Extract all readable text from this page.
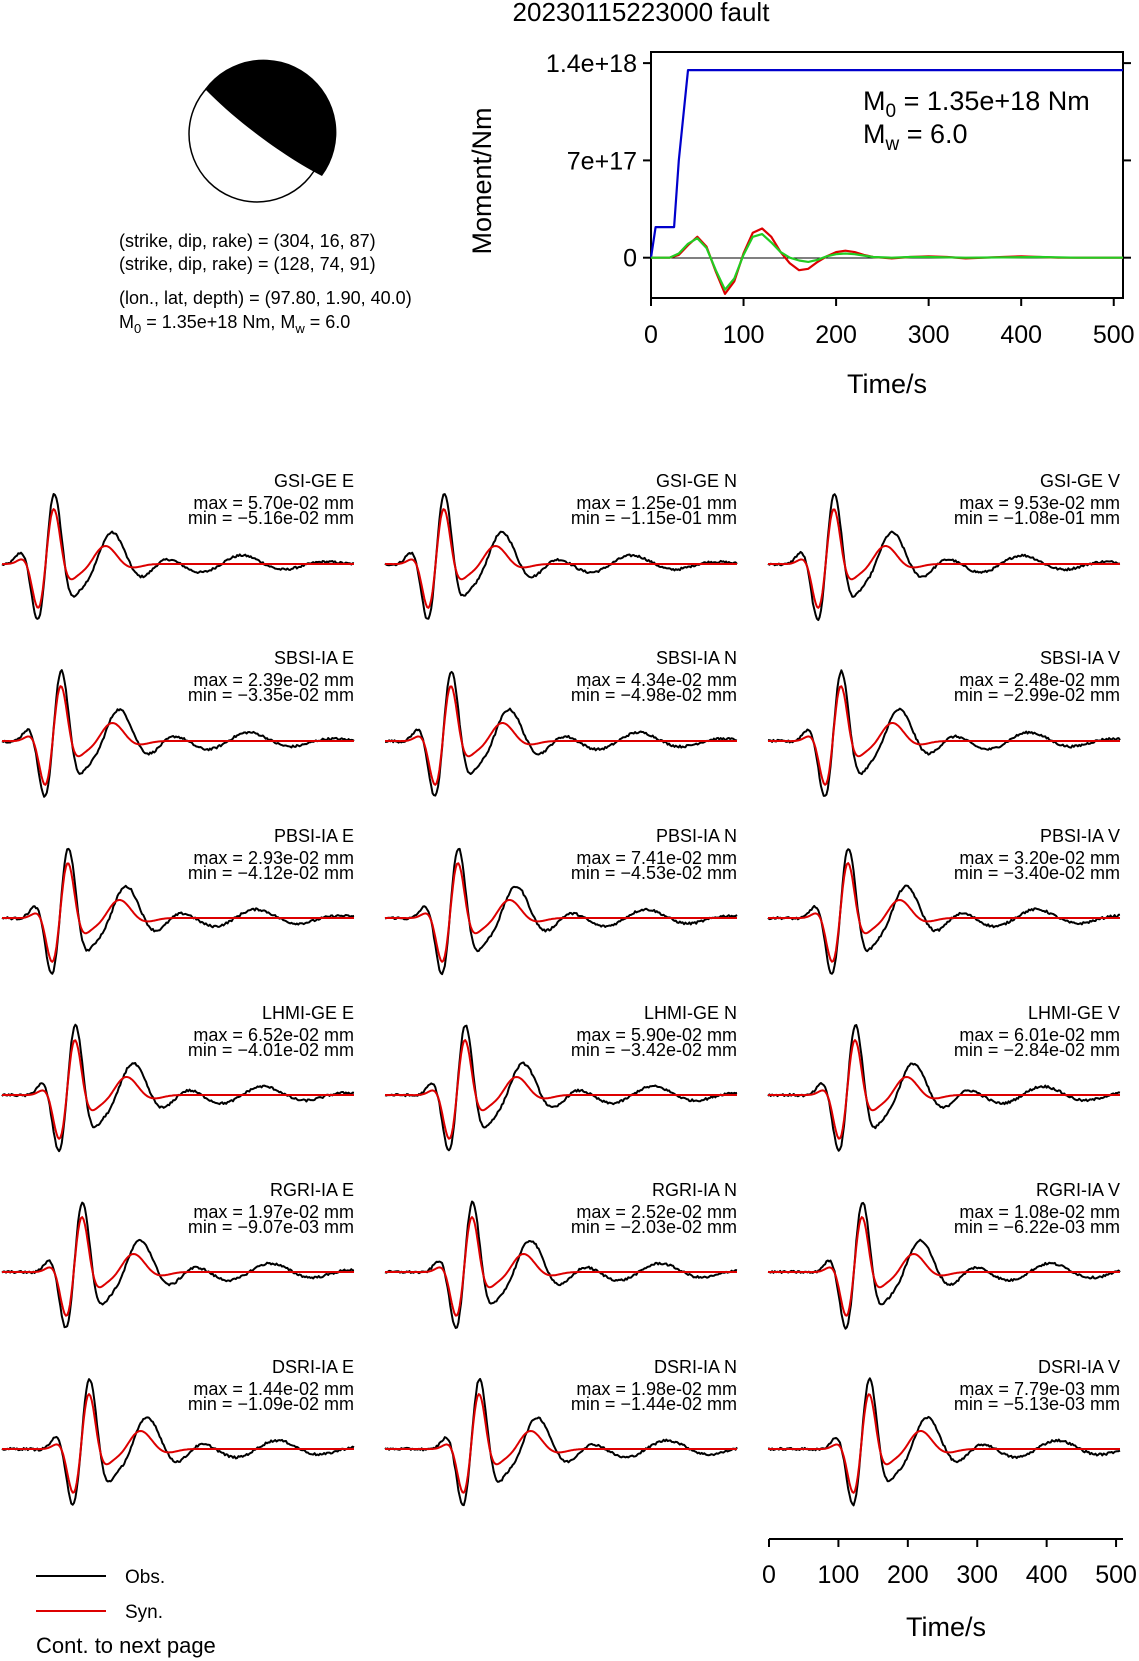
20230115223000 fault
(strike, dip, rake) = (304, 16, 87)
(strike, dip, rake) = (128, 74, 91)
(lon., lat, depth) = (97.80, 1.90, 40.0)
$M_0 = 1.35e+18$ Nm, $M_w = 6.0$
0
7e+17
1.4e+18
0	100 200 300 400 500
Moment/Nm
Time/s
$M_0 = 1.35e+18$ Nm
$M_w = 6.0$
GSI-GE E
max = 5.70e-02 mm
min = −5.16e-02 mm
GSI-GE N
max = 1.25e-01 mm
min = −1.15e-01 mm
GSI-GE V
max = 9.53e-02 mm
min = −1.08e-01 mm
SBSI-IA E
max = 2.39e-02 mm
min = −3.35e-02 mm
SBSI-IA N
max = 4.34e-02 mm
min = −4.98e-02 mm
SBSI-IA V
max = 2.48e-02 mm
min = −2.99e-02 mm
PBSI-IA E
max = 2.93e-02 mm
min = −4.12e-02 mm
PBSI-IA N
max = 7.41e-02 mm
min = −4.53e-02 mm
PBSI-IA V
max = 3.20e-02 mm
min = −3.40e-02 mm
LHMI-GE E
max = 6.52e-02 mm
min = −4.01e-02 mm
LHMI-GE N
max = 5.90e-02 mm
min = −3.42e-02 mm
LHMI-GE V
max = 6.01e-02 mm
min = −2.84e-02 mm
RGRI-IA E
max = 1.97e-02 mm
min = −9.07e-03 mm
RGRI-IA N
max = 2.52e-02 mm
min = −2.03e-02 mm
RGRI-IA V
max = 1.08e-02 mm
min = −6.22e-03 mm
DSRI-IA E
max = 1.44e-02 mm
min = −1.09e-02 mm
DSRI-IA N
max = 1.98e-02 mm
min = −1.44e-02 mm
DSRI-IA V
max = 7.79e-03 mm
min = −5.13e-03 mm
0 100 200 300 400 500
Time/s
Obs.
Syn.
Cont. to next page
